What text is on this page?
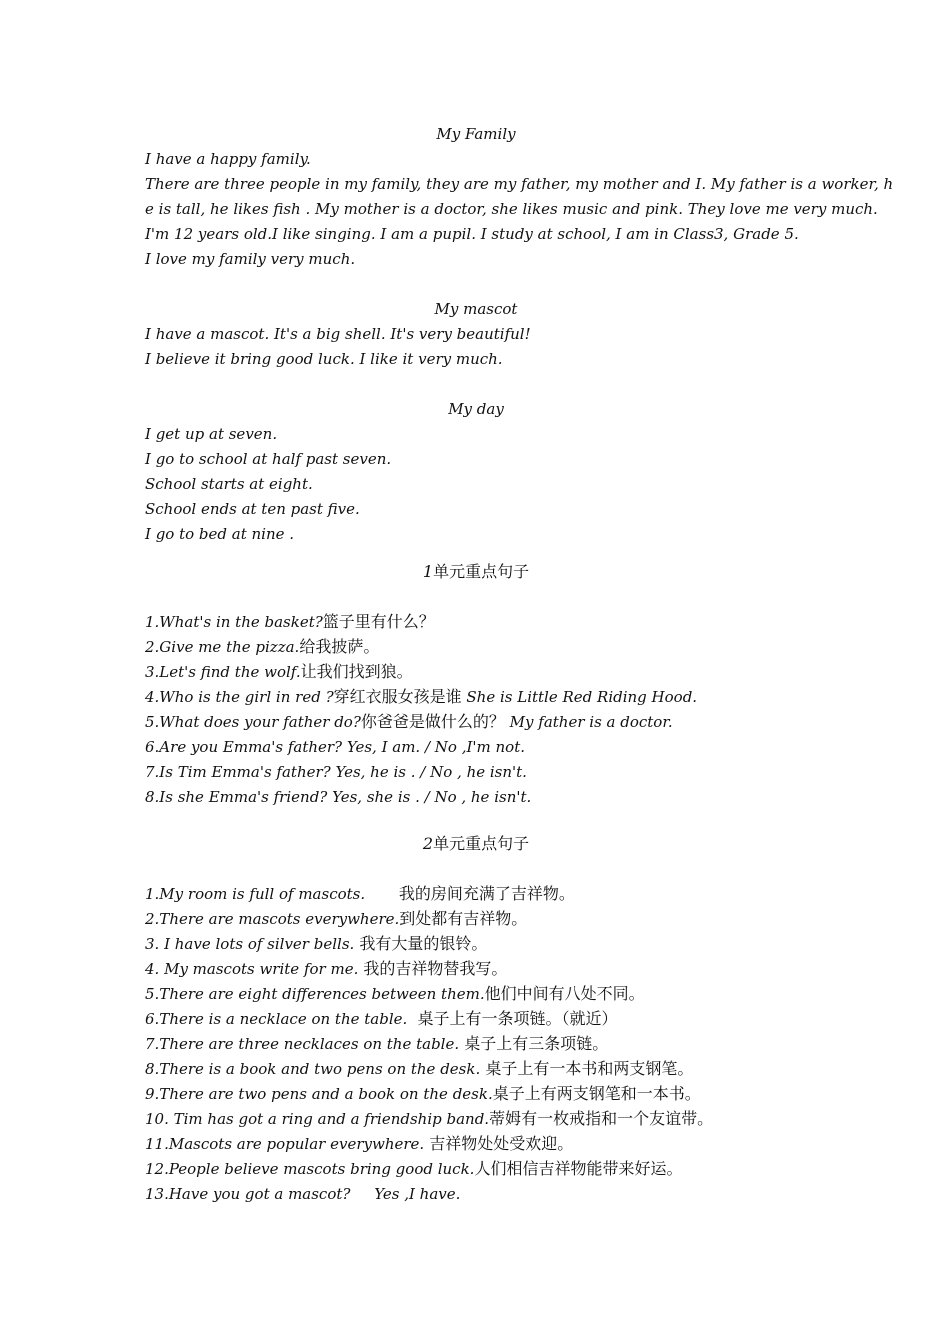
My Family
I have a happy family.
There are three people in my family, they are my father, my mother and I. My father is a worker, h
e is tall, he likes fish . My mother is a doctor, she likes music and pink. They love me very much.
I'm 12 years old.I like singing. I am a pupil. I study at school, I am in Class3, Grade 5.
I love my family very much.
My mascot
I have a mascot. It's a big shell. It's very beautiful!
I believe it bring good luck. I like it very much.
My day
I get up at seven.
I go to school at half past seven.
School starts at eight.
School ends at ten past five.
I go to bed at nine .
1单元重点句子
1.What's in the basket?篮子里有什么？
2.Give me the pizza.给我披萨。
3.Let's find the wolf.让我们找到狼。
4.Who is the girl in red ?穿红衣服女孩是谁 She is Little Red Riding Hood.
5.What does your father do?你爸爸是做什么的？ My father is a doctor.
6.Are you Emma's father? Yes, I am. / No ,I'm not.
7.Is Tim Emma's father? Yes, he is . / No , he isn't.
8.Is she Emma's friend? Yes, she is . / No , he isn't.
2单元重点句子
1.My room is full of mascots.       我的房间充满了吉祥物。
2.There are mascots everywhere.到处都有吉祥物。
3. I have lots of silver bells. 我有大量的银铃。
4. My mascots write for me. 我的吉祥物替我写。
5.There are eight differences between them.他们中间有八处不同。
6.There is a necklace on the table.  桌子上有一条项链。（就近）
7.There are three necklaces on the table. 桌子上有三条项链。
8.There is a book and two pens on the desk. 桌子上有一本书和两支钢笔。
9.There are two pens and a book on the desk.桌子上有两支钢笔和一本书。
10. Tim has got a ring and a friendship band.蒂姆有一枚戒指和一个友谊带。
11.Mascots are popular everywhere. 吉祥物处处受欢迎。
12.People believe mascots bring good luck.人们相信吉祥物能带来好运。
13.Have you got a mascot?     Yes ,I have.
